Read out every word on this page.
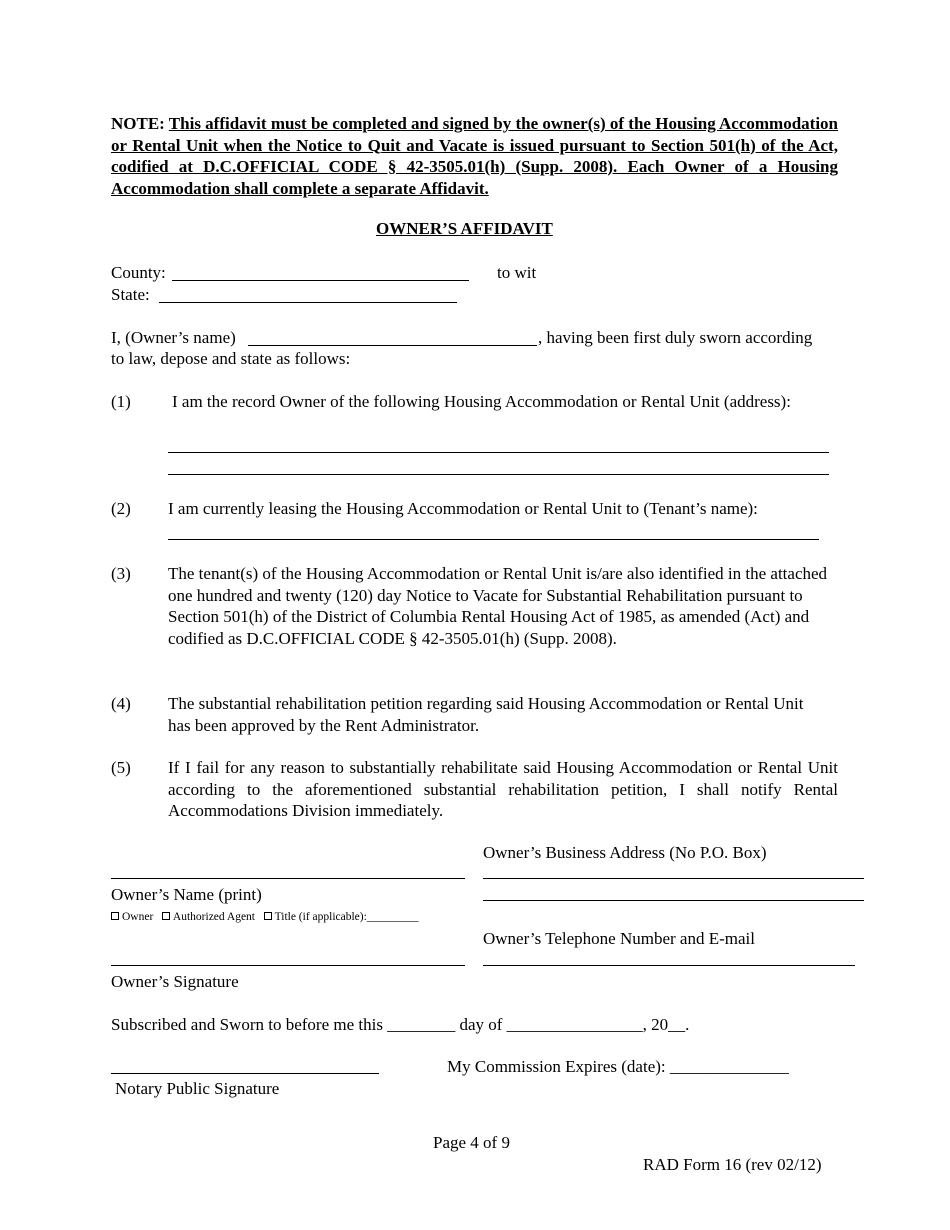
NOTE: This affidavit must be completed and signed by the owner(s) of the Housing Accommodation or Rental Unit when the Notice to Quit and Vacate is issued pursuant to Section 501(h) of the Act, codified at D.C.OFFICIAL CODE § 42-3505.01(h) (Supp. 2008). Each Owner of a Housing Accommodation shall complete a separate Affidavit.
OWNER’S AFFIDAVIT
County:	to wit
State:
I, (Owner’s name)	, having been first duly sworn according
to law, depose and state as follows:
(1) I am the record Owner of the following Housing Accommodation or Rental Unit (address):
(2) I am currently leasing the Housing Accommodation or Rental Unit to (Tenant’s name):
(3) The tenant(s) of the Housing Accommodation or Rental Unit is/are also identified in the attached one hundred and twenty (120) day Notice to Vacate for Substantial Rehabilitation pursuant to Section 501(h) of the District of Columbia Rental Housing Act of 1985, as amended (Act) and codified as D.C.OFFICIAL CODE § 42-3505.01(h) (Supp. 2008).
(4) The substantial rehabilitation petition regarding said Housing Accommodation or Rental Unit has been approved by the Rent Administrator.
(5) If I fail for any reason to substantially rehabilitate said Housing Accommodation or Rental Unit according to the aforementioned substantial rehabilitation petition, I shall notify Rental Accommodations Division immediately.
Owner’s Business Address (No P.O. Box)
Owner’s Name (print)
Owner Authorized Agent Title (if applicable):_________
Owner’s Telephone Number and E-mail
Owner’s Signature
Subscribed and Sworn to before me this ________ day of ________________, 20__.
My Commission Expires (date): ______________
Notary Public Signature
Page 4 of 9
RAD Form 16 (rev 02/12)
